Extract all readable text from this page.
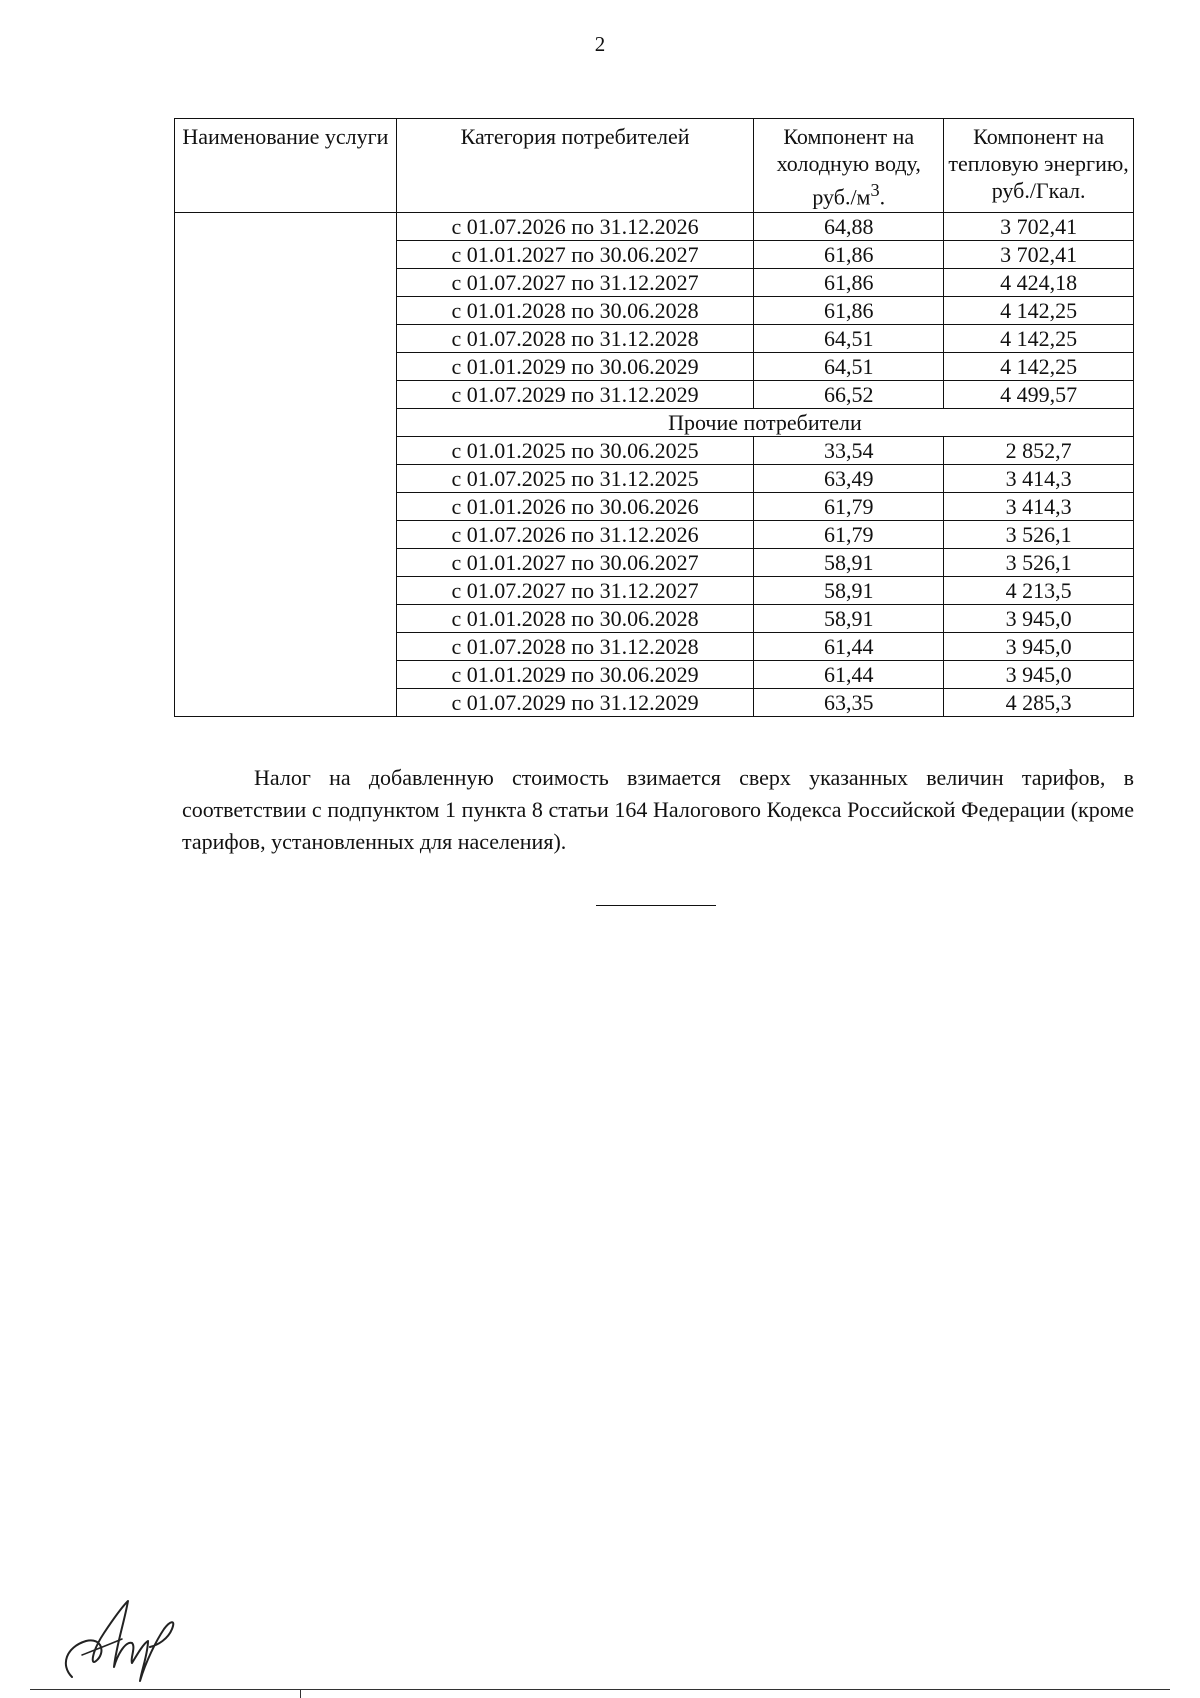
2
Наименование услуги	Категория потребителей	Компонент на холодную воду, $руб./м^3$.	Компонент на тепловую энергию, руб./Гкал.
	с 01.07.2026 по 31.12.2026	64,88	3 702,41
	с 01.01.2027 по 30.06.2027	61,86	3 702,41
	с 01.07.2027 по 31.12.2027	61,86	4 424,18
	с 01.01.2028 по 30.06.2028	61,86	4 142,25
	с 01.07.2028 по 31.12.2028	64,51	4 142,25
	с 01.01.2029 по 30.06.2029	64,51	4 142,25
	с 01.07.2029 по 31.12.2029	66,52	4 499,57
	Прочие потребители		
	с 01.01.2025 по 30.06.2025	33,54	2 852,7
	с 01.07.2025 по 31.12.2025	63,49	3 414,3
	с 01.01.2026 по 30.06.2026	61,79	3 414,3
	с 01.07.2026 по 31.12.2026	61,79	3 526,1
	с 01.01.2027 по 30.06.2027	58,91	3 526,1
	с 01.07.2027 по 31.12.2027	58,91	4 213,5
	с 01.01.2028 по 30.06.2028	58,91	3 945,0
	с 01.07.2028 по 31.12.2028	61,44	3 945,0
	с 01.01.2029 по 30.06.2029	61,44	3 945,0
	с 01.07.2029 по 31.12.2029	63,35	4 285,3
Налог на добавленную стоимость взимается сверх указанных величин тарифов, в соответствии с подпунктом 1 пункта 8 статьи 164 Налогового Кодекса Российской Федерации (кроме тарифов, установленных для населения).
